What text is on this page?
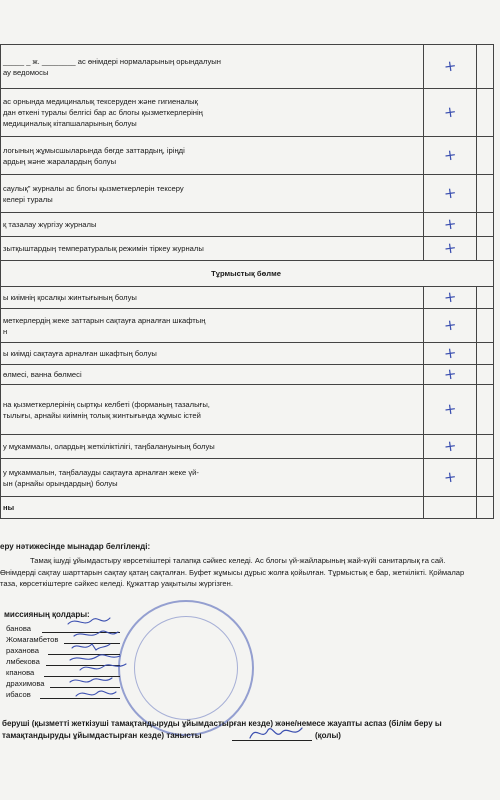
_____ _ ж. ________ ас өнімдері нормаларының орындалуын
ау ведомосы	+	
ас орнында медициналық тексеруден және гигиеналық
дан өткені туралы белгісі бар ас блогы қызметкерлерінің
медициналық кітапшаларының болуы	+	
логының жұмысшыларында бөгде заттардың, іріңді
ардың және жаралардың болуы	+	
саулық" журналы ас блогы қызметкерлерін тексеру
келері туралы	+	
қ тазалау жүргізу журналы	+	
зытқыштардың температуралық режимін тіркеу журналы	+	
Тұрмыстық бөлме		
ы киімнің қосалқы жинтығының болуы	+	
меткерлердің жеке заттарын сақтауға арналған шкафтың
н	+	
ы киімді сақтауға арналған шкафтың болуы	+	
өлмесі, ванна бөлмесі	+	
на қызметкерлерінің сыртқы келбеті (форманың тазалығы,
тылығы, арнайы киімнің толық жинтығында жұмыс істей	+	
у мұкаммалы, олардың жеткіліктілігі, таңбалануының болуы	+	
у мұкаммалын, таңбалауды сақтауға арналған жеке үй-
ын (арнайы орындардың) болуы	+	
ны		
еру нәтижесінде мынадар белгіленді:
Тамақ ішуді ұйымдастыру көрсеткіштері талапқа сәйкес келеді. Ас блогы үй-жайларының жай-күйі санитарлық ға сай. Өнімдерді сақтау шарттарын сақтау қатаң сақталған. Буфет жұмысы дұрыс жолға қойылған. Тұрмыстық е бар, жеткілікті. Қоймалар таза, көрсеткіштерге сәйкес келеді. Құжаттар уақытылы жүргізген.
миссияның қолдары:
банова
Жомагамбетов
раханова
лмбекова
кпанова
драхимова
ибасов
беруші (қызметті жеткізуші тамақтандыруды ұйымдастырған кезде) және/немесе жауапты аспаз (білім беру ы тамақтандыруды ұйымдастырған кезде) танысты	(қолы)
